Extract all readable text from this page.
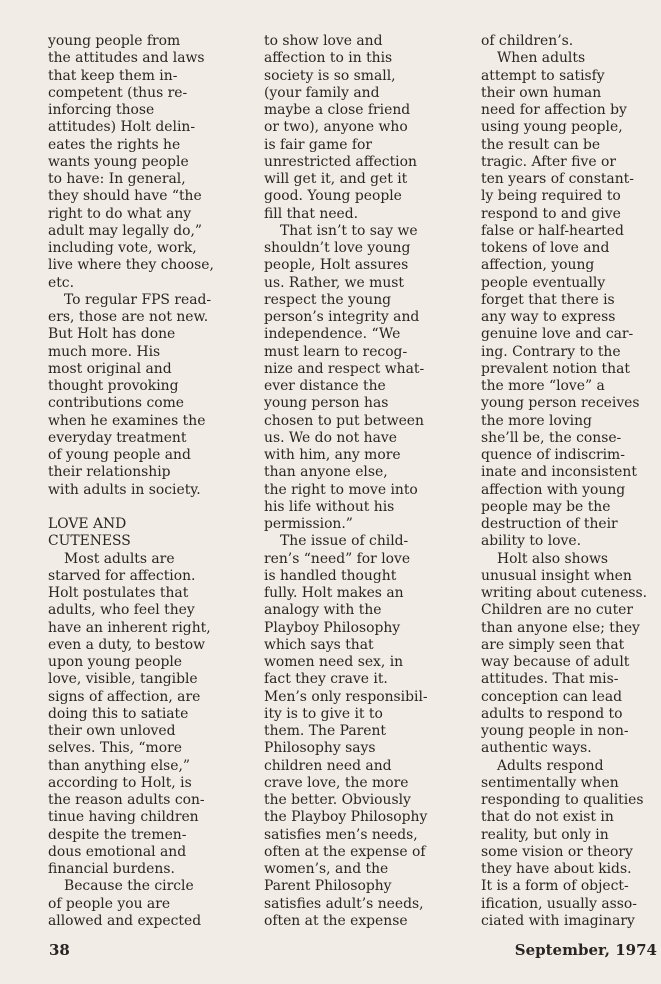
young people from
the attitudes and laws
that keep them in-
competent (thus re-
inforcing those
attitudes) Holt delin-
eates the rights he
wants young people
to have: In general,
they should have “the
right to do what any
adult may legally do,”
including vote, work,
live where they choose,
etc.
To regular FPS read-
ers, those are not new.
But Holt has done
much more. His
most original and
thought provoking
contributions come
when he examines the
everyday treatment
of young people and
their relationship
with adults in society.
LOVE AND
CUTENESS
Most adults are
starved for affection.
Holt postulates that
adults, who feel they
have an inherent right,
even a duty, to bestow
upon young people
love, visible, tangible
signs of affection, are
doing this to satiate
their own unloved
selves. This, “more
than anything else,”
according to Holt, is
the reason adults con-
tinue having children
despite the tremen-
dous emotional and
financial burdens.
Because the circle
of people you are
allowed and expected
to show love and
affection to in this
society is so small,
(your family and
maybe a close friend
or two), anyone who
is fair game for
unrestricted affection
will get it, and get it
good. Young people
fill that need.
That isn’t to say we
shouldn’t love young
people, Holt assures
us. Rather, we must
respect the young
person’s integrity and
independence. “We
must learn to recog-
nize and respect what-
ever distance the
young person has
chosen to put between
us. We do not have
with him, any more
than anyone else,
the right to move into
his life without his
permission.”
The issue of child-
ren’s “need” for love
is handled thought
fully. Holt makes an
analogy with the
Playboy Philosophy
which says that
women need sex, in
fact they crave it.
Men’s only responsibil-
ity is to give it to
them. The Parent
Philosophy says
children need and
crave love, the more
the better. Obviously
the Playboy Philosophy
satisfies men’s needs,
often at the expense of
women’s, and the
Parent Philosophy
satisfies adult’s needs,
often at the expense
of children’s.
When adults
attempt to satisfy
their own human
need for affection by
using young people,
the result can be
tragic. After five or
ten years of constant-
ly being required to
respond to and give
false or half-hearted
tokens of love and
affection, young
people eventually
forget that there is
any way to express
genuine love and car-
ing. Contrary to the
prevalent notion that
the more “love” a
young person receives
the more loving
she’ll be, the conse-
quence of indiscrim-
inate and inconsistent
affection with young
people may be the
destruction of their
ability to love.
Holt also shows
unusual insight when
writing about cuteness.
Children are no cuter
than anyone else; they
are simply seen that
way because of adult
attitudes. That mis-
conception can lead
adults to respond to
young people in non-
authentic ways.
Adults respond
sentimentally when
responding to qualities
that do not exist in
reality, but only in
some vision or theory
they have about kids.
It is a form of object-
ification, usually asso-
ciated with imaginary
38	September, 1974
